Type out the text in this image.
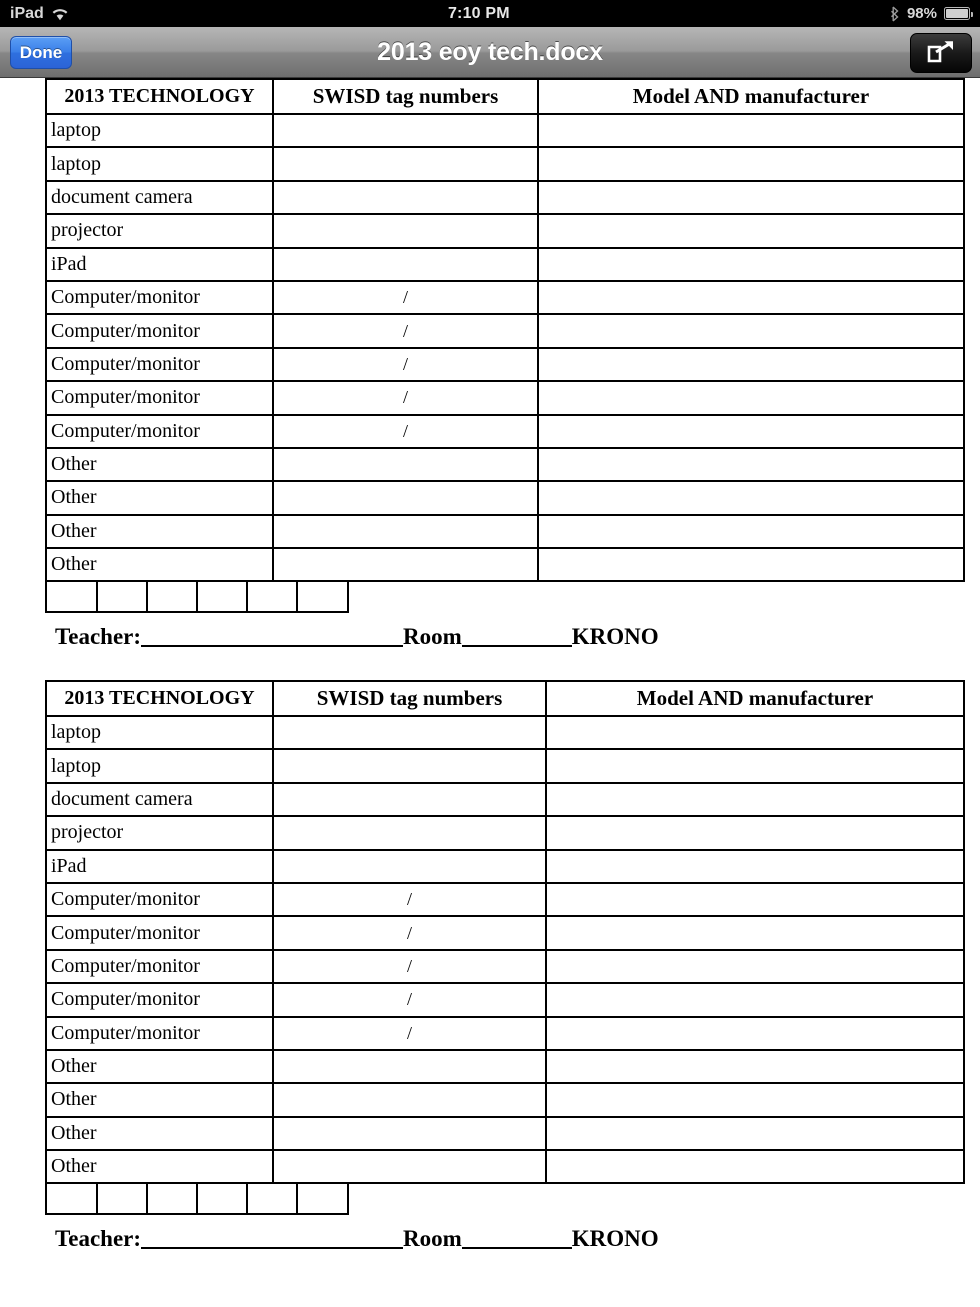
iPad	7:10 PM	98%
Done	2013 eoy tech.docx
2013 TECHNOLOGY	SWISD tag numbers	Model AND manufacturer
laptop		
laptop		
document camera		
projector		
iPad		
Computer/monitor	/	
Computer/monitor	/	
Computer/monitor	/	
Computer/monitor	/	
Computer/monitor	/	
Other		
Other		
Other		
Other		

Teacher:	Room	KRONO
2013 TECHNOLOGY	SWISD tag numbers	Model AND manufacturer
laptop		
laptop		
document camera		
projector		
iPad		
Computer/monitor	/	
Computer/monitor	/	
Computer/monitor	/	
Computer/monitor	/	
Computer/monitor	/	
Other		
Other		
Other		
Other		

Teacher:	Room	KRONO
